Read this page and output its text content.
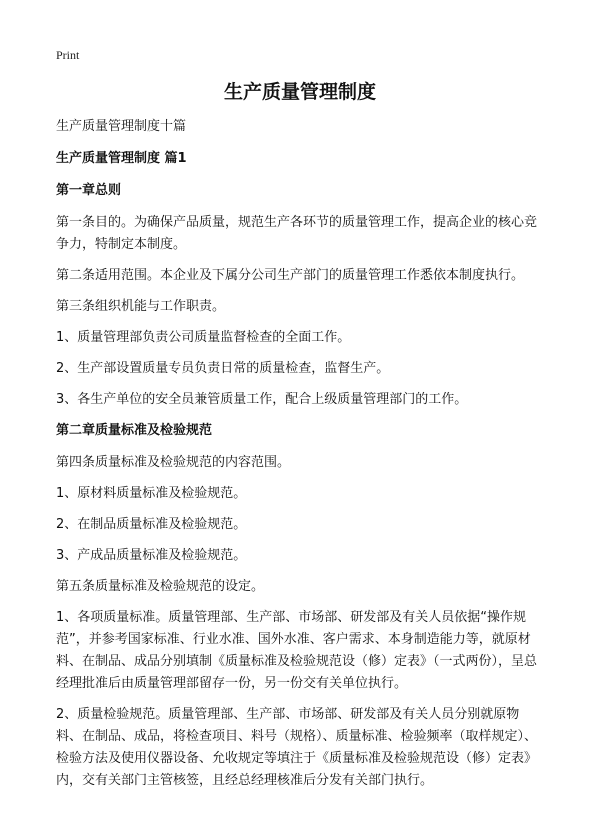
Print
生产质量管理制度

生产质量管理制度十篇

生产质量管理制度 篇1
第一章总则

第一条目的。为确保产品质量，规范生产各环节的质量管理工作，提高企业的核心竞争力，特制定本制度。

第二条适用范围。本企业及下属分公司生产部门的质量管理工作悉依本制度执行。

第三条组织机能与工作职责。

1、质量管理部负责公司质量监督检查的全面工作。

2、生产部设置质量专员负责日常的质量检查，监督生产。

3、各生产单位的安全员兼管质量工作，配合上级质量管理部门的工作。

第二章质量标准及检验规范

第四条质量标准及检验规范的内容范围。

1、原材料质量标准及检验规范。

2、在制品质量标准及检验规范。

3、产成品质量标准及检验规范。

第五条质量标准及检验规范的设定。

1、各项质量标准。质量管理部、生产部、市场部、研发部及有关人员依据“操作规范”，并参考国家标准、行业水准、国外水准、客户需求、本身制造能力等，就原材料、在制品、成品分别填制《质量标准及检验规范设（修）定表》（一式两份），呈总经理批准后由质量管理部留存一份，另一份交有关单位执行。

2、质量检验规范。质量管理部、生产部、市场部、研发部及有关人员分别就原物料、在制品、成品，将检查项目、料号（规格）、质量标准、检验频率（取样规定）、检验方法及使用仪器设备、允收规定等填注于《质量标准及检验规范设（修）定表》内，交有关部门主管核签，且经总经理核准后分发有关部门执行。
